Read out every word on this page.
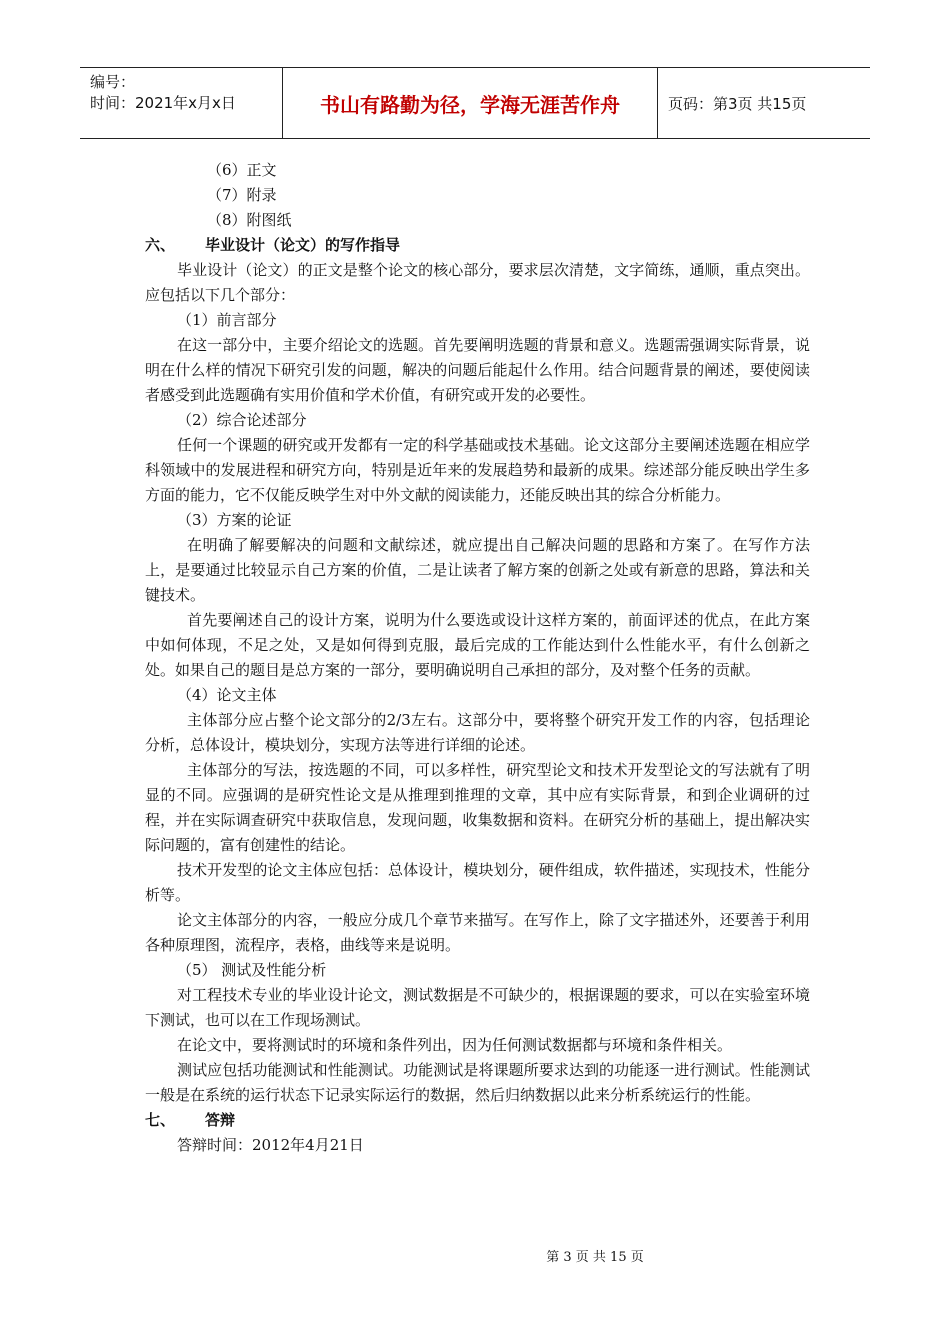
编号：
时间：2021年x月x日	书山有路勤为径，学海无涯苦作舟	页码：第3页 共15页

（6）正文

（7）附录

（8）附图纸

六、 毕业设计（论文）的写作指导

毕业设计（论文）的正文是整个论文的核心部分，要求层次清楚，文字简练，通顺，重点突出。应包括以下几个部分：

（1）前言部分

在这一部分中，主要介绍论文的选题。首先要阐明选题的背景和意义。选题需强调实际背景，说明在什么样的情况下研究引发的问题，解决的问题后能起什么作用。结合问题背景的阐述，要使阅读者感受到此选题确有实用价值和学术价值，有研究或开发的必要性。

（2）综合论述部分

任何一个课题的研究或开发都有一定的科学基础或技术基础。论文这部分主要阐述选题在相应学科领域中的发展进程和研究方向，特别是近年来的发展趋势和最新的成果。综述部分能反映出学生多方面的能力，它不仅能反映学生对中外文献的阅读能力，还能反映出其的综合分析能力。

（3）方案的论证

在明确了解要解决的问题和文献综述，就应提出自己解决问题的思路和方案了。在写作方法上，是要通过比较显示自己方案的价值，二是让读者了解方案的创新之处或有新意的思路，算法和关键技术。

首先要阐述自己的设计方案，说明为什么要选或设计这样方案的，前面评述的优点，在此方案中如何体现，不足之处，又是如何得到克服，最后完成的工作能达到什么性能水平，有什么创新之处。如果自己的题目是总方案的一部分，要明确说明自己承担的部分，及对整个任务的贡献。

（4）论文主体

主体部分应占整个论文部分的2/3左右。这部分中，要将整个研究开发工作的内容，包括理论分析，总体设计，模块划分，实现方法等进行详细的论述。

主体部分的写法，按选题的不同，可以多样性，研究型论文和技术开发型论文的写法就有了明显的不同。应强调的是研究性论文是从推理到推理的文章，其中应有实际背景，和到企业调研的过程，并在实际调查研究中获取信息，发现问题，收集数据和资料。在研究分析的基础上，提出解决实际问题的，富有创建性的结论。

技术开发型的论文主体应包括：总体设计，模块划分，硬件组成，软件描述，实现技术，性能分析等。

论文主体部分的内容，一般应分成几个章节来描写。在写作上，除了文字描述外，还要善于利用各种原理图，流程序，表格，曲线等来是说明。

（5） 测试及性能分析

对工程技术专业的毕业设计论文，测试数据是不可缺少的，根据课题的要求，可以在实验室环境下测试，也可以在工作现场测试。

在论文中，要将测试时的环境和条件列出，因为任何测试数据都与环境和条件相关。

测试应包括功能测试和性能测试。功能测试是将课题所要求达到的功能逐一进行测试。性能测试一般是在系统的运行状态下记录实际运行的数据，然后归纳数据以此来分析系统运行的性能。

七、 答辩

答辩时间：2012年4月21日

第 3 页 共 15 页
